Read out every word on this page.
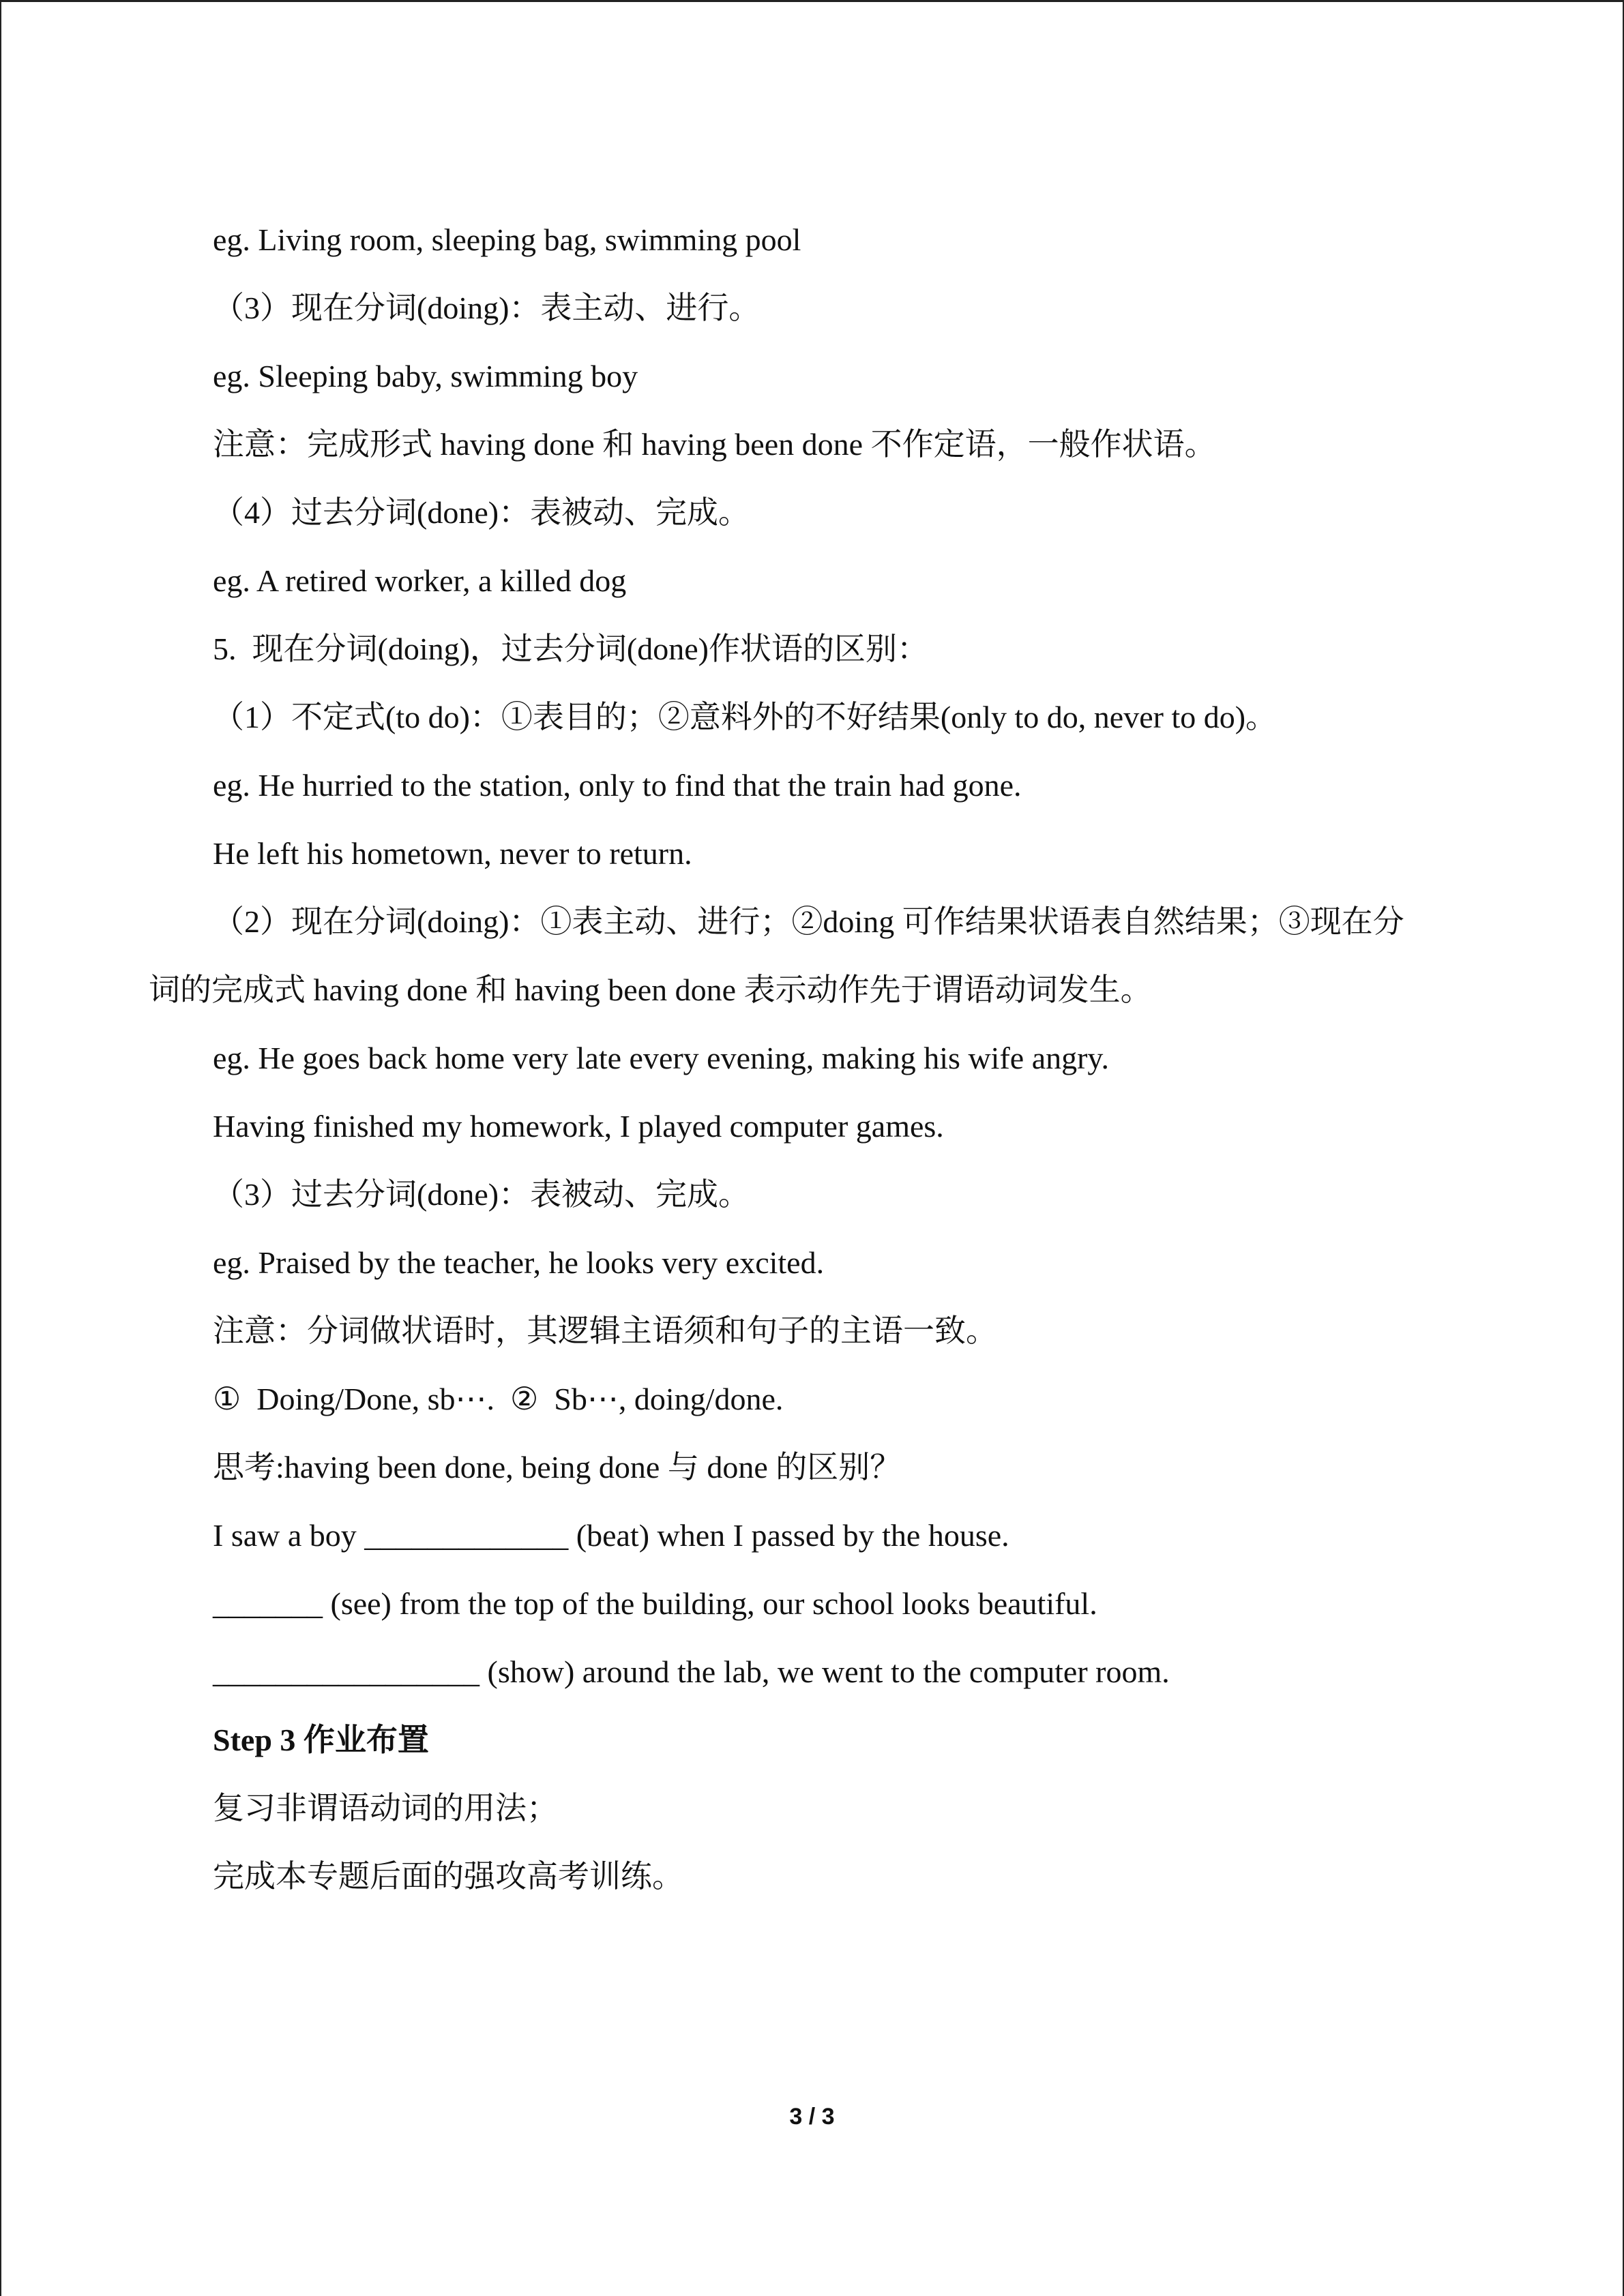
eg. Living room, sleeping bag, swimming pool
（3）现在分词(doing)：表主动、进行。
eg. Sleeping baby, swimming boy
注意：完成形式 having done 和 having been done 不作定语，一般作状语。
（4）过去分词(done)：表被动、完成。
eg. A retired worker, a killed dog
5.  现在分词(doing)，过去分词(done)作状语的区别：
（1）不定式(to do)：①表目的；②意料外的不好结果(only to do, never to do)。
eg. He hurried to the station, only to find that the train had gone.
He left his hometown, never to return.
（2）现在分词(doing)：①表主动、进行；②doing 可作结果状语表自然结果；③现在分
词的完成式 having done 和 having been done 表示动作先于谓语动词发生。
eg. He goes back home very late every evening, making his wife angry.
Having finished my homework, I played computer games.
（3）过去分词(done)：表被动、完成。
eg. Praised by the teacher, he looks very excited.
注意：分词做状语时，其逻辑主语须和句子的主语一致。
①  Doing/Done, sb⋯.  ②  Sb⋯, doing/done.
思考:having been done, being done 与 done 的区别？
I saw a boy _____________ (beat) when I passed by the house.
_______ (see) from the top of the building, our school looks beautiful.
_________________ (show) around the lab, we went to the computer room.
Step 3 作业布置
复习非谓语动词的用法；
完成本专题后面的强攻高考训练。
3 / 3
